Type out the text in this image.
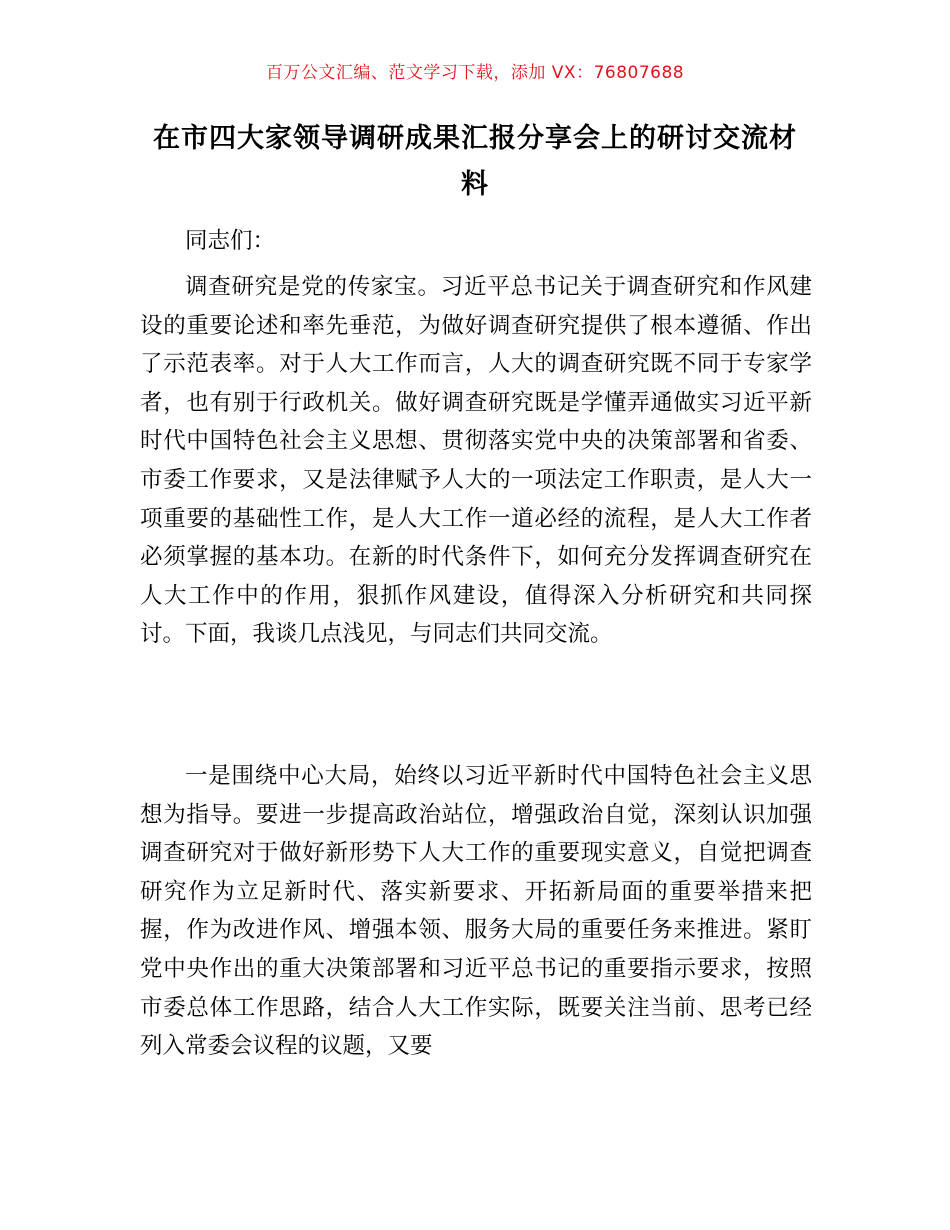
百万公文汇编、范文学习下载，添加 VX：76807688
在市四大家领导调研成果汇报分享会上的研讨交流材料

同志们：

调查研究是党的传家宝。习近平总书记关于调查研究和作风建设的重要论述和率先垂范，为做好调查研究提供了根本遵循、作出了示范表率。对于人大工作而言，人大的调查研究既不同于专家学者，也有别于行政机关。做好调查研究既是学懂弄通做实习近平新时代中国特色社会主义思想、贯彻落实党中央的决策部署和省委、市委工作要求，又是法律赋予人大的一项法定工作职责，是人大一项重要的基础性工作，是人大工作一道必经的流程，是人大工作者必须掌握的基本功。在新的时代条件下，如何充分发挥调查研究在人大工作中的作用，狠抓作风建设，值得深入分析研究和共同探讨。下面，我谈几点浅见，与同志们共同交流。

一是围绕中心大局，始终以习近平新时代中国特色社会主义思想为指导。要进一步提高政治站位，增强政治自觉，深刻认识加强调查研究对于做好新形势下人大工作的重要现实意义，自觉把调查研究作为立足新时代、落实新要求、开拓新局面的重要举措来把握，作为改进作风、增强本领、服务大局的重要任务来推进。紧盯党中央作出的重大决策部署和习近平总书记的重要指示要求，按照市委总体工作思路，结合人大工作实际，既要关注当前、思考已经列入常委会议程的议题，又要
